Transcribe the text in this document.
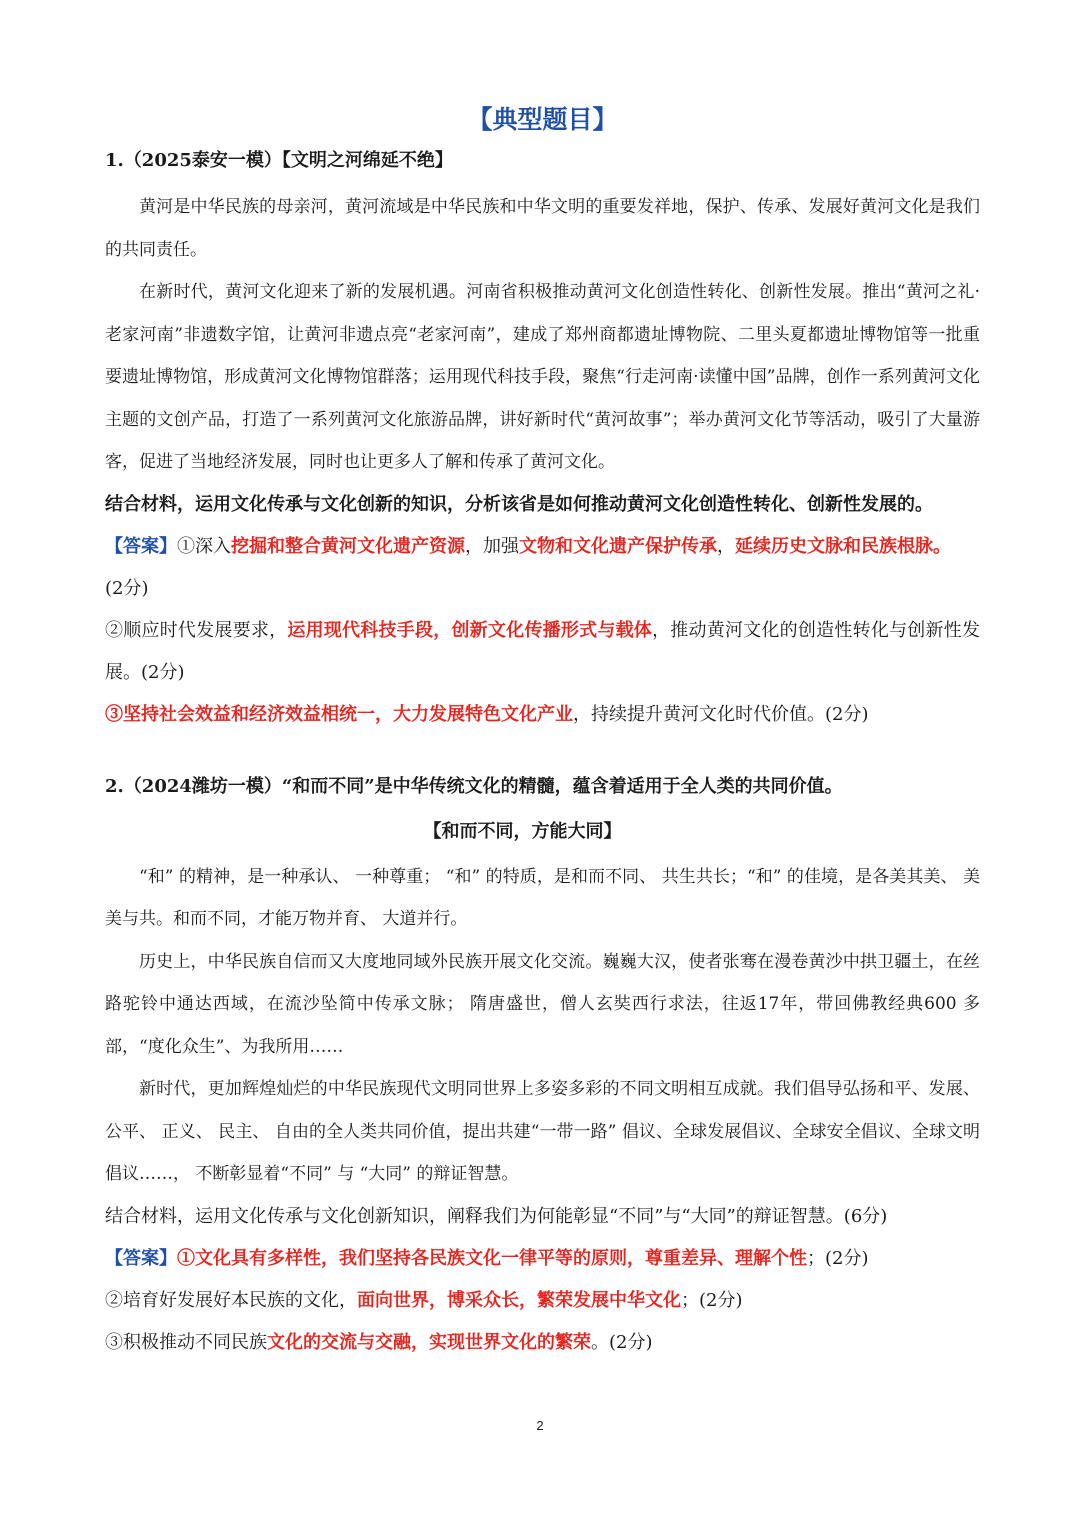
【典型题目】
1.（2025泰安一模）【文明之河绵延不绝】

黄河是中华民族的母亲河，黄河流域是中华民族和中华文明的重要发祥地，保护、传承、发展好黄河文化是我们的共同责任。

在新时代，黄河文化迎来了新的发展机遇。河南省积极推动黄河文化创造性转化、创新性发展。推出“黄河之礼·老家河南”非遗数字馆，让黄河非遗点亮“老家河南”，建成了郑州商都遗址博物院、二里头夏都遗址博物馆等一批重要遗址博物馆，形成黄河文化博物馆群落；运用现代科技手段，聚焦“行走河南·读懂中国”品牌，创作一系列黄河文化主题的文创产品，打造了一系列黄河文化旅游品牌，讲好新时代“黄河故事”；举办黄河文化节等活动，吸引了大量游客，促进了当地经济发展，同时也让更多人了解和传承了黄河文化。

结合材料，运用文化传承与文化创新的知识，分析该省是如何推动黄河文化创造性转化、创新性发展的。

【答案】①深入挖掘和整合黄河文化遗产资源，加强文物和文化遗产保护传承，延续历史文脉和民族根脉。
(2分)

②顺应时代发展要求，运用现代科技手段，创新文化传播形式与载体，推动黄河文化的创造性转化与创新性发展。(2分)

③坚持社会效益和经济效益相统一，大力发展特色文化产业，持续提升黄河文化时代价值。(2分)

2.（2024潍坊一模）“和而不同”是中华传统文化的精髓，蕴含着适用于全人类的共同价值。
【和而不同，方能大同】

“和” 的精神，是一种承认、 一种尊重； “和” 的特质，是和而不同、 共生共长；“和” 的佳境，是各美其美、 美美与共。和而不同，才能万物并育、 大道并行。

历史上，中华民族自信而又大度地同域外民族开展文化交流。巍巍大汉，使者张骞在漫卷黄沙中拱卫疆土，在丝路驼铃中通达西域，在流沙坠简中传承文脉； 隋唐盛世，僧人玄奘西行求法，往返17年，带回佛教经典600 多部，“度化众生”、为我所用……

新时代，更加辉煌灿烂的中华民族现代文明同世界上多姿多彩的不同文明相互成就。我们倡导弘扬和平、发展、公平、 正义、 民主、 自由的全人类共同价值，提出共建“一带一路” 倡议、全球发展倡议、全球安全倡议、全球文明倡议……， 不断彰显着“不同” 与 “大同” 的辩证智慧。

结合材料，运用文化传承与文化创新知识，阐释我们为何能彰显“不同”与“大同”的辩证智慧。(6分)

【答案】①文化具有多样性，我们坚持各民族文化一律平等的原则，尊重差异、理解个性；(2分)

②培育好发展好本民族的文化，面向世界，博采众长，繁荣发展中华文化；(2分)

③积极推动不同民族文化的交流与交融，实现世界文化的繁荣。(2分)

2
